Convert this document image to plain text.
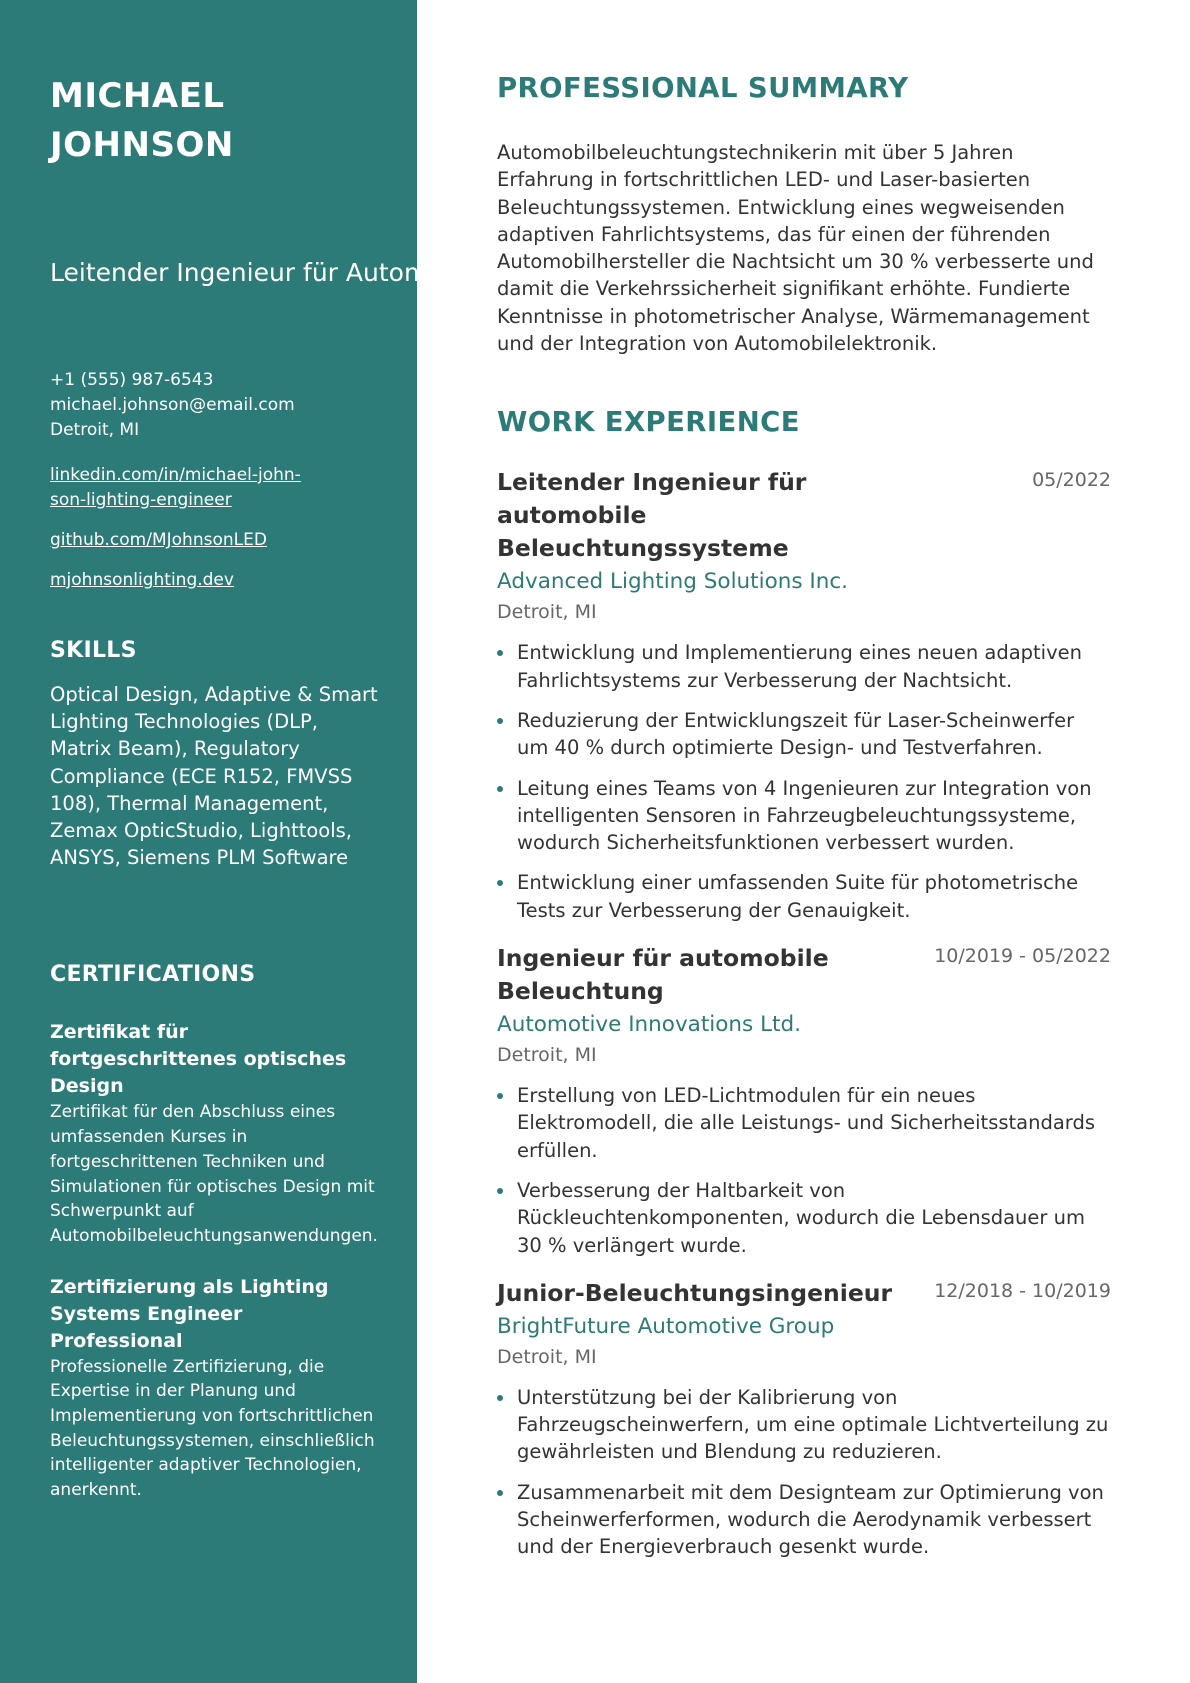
MICHAEL
JOHNSON
Leitender Ingenieur für Automobilbeleuchtungssystem
+1 (555) 987-6543
michael.johnson@email.com
Detroit, MI
linkedin.com/in/michael-john-son-lighting-engineer
github.com/MJohnsonLED
mjohnsonlighting.dev
SKILLS
Optical Design, Adaptive & Smart Lighting Technologies (DLP, Matrix Beam), Regulatory Compliance (ECE R152, FMVSS 108), Thermal Management, Zemax OpticStudio, Lighttools, ANSYS, Siemens PLM Software
CERTIFICATIONS
Zertifikat für fortgeschrittenes optisches Design
Zertifikat für den Abschluss eines umfassenden Kurses in fortgeschrittenen Techniken und Simulationen für optisches Design mit Schwerpunkt auf Automobilbeleuchtungsanwendungen.
Zertifizierung als Lighting Systems Engineer Professional
Professionelle Zertifizierung, die Expertise in der Planung und Implementierung von fortschrittlichen Beleuchtungssystemen, einschließlich intelligenter adaptiver Technologien, anerkennt.
PROFESSIONAL SUMMARY

Automobilbeleuchtungstechnikerin mit über 5 Jahren Erfahrung in fortschrittlichen LED- und Laser-basierten Beleuchtungssystemen. Entwicklung eines wegweisenden adaptiven Fahrlichtsystems, das für einen der führenden Automobilhersteller die Nachtsicht um 30 % verbesserte und damit die Verkehrssicherheit signifikant erhöhte. Fundierte Kenntnisse in photometrischer Analyse, Wärmemanagement und der Integration von Automobilelektronik.

WORK EXPERIENCE
Leitender Ingenieur für automobile Beleuchtungssysteme
05/2022
Advanced Lighting Solutions Inc.
Detroit, MI
Entwicklung und Implementierung eines neuen adaptiven Fahrlichtsystems zur Verbesserung der Nachtsicht.
Reduzierung der Entwicklungszeit für Laser-Scheinwerfer um 40 % durch optimierte Design- und Testverfahren.
Leitung eines Teams von 4 Ingenieuren zur Integration von intelligenten Sensoren in Fahrzeugbeleuchtungssysteme, wodurch Sicherheitsfunktionen verbessert wurden.
Entwicklung einer umfassenden Suite für photometrische Tests zur Verbesserung der Genauigkeit.
Ingenieur für automobile Beleuchtung
10/2019 - 05/2022
Automotive Innovations Ltd.
Detroit, MI
Erstellung von LED-Lichtmodulen für ein neues Elektromodell, die alle Leistungs- und Sicherheitsstandards erfüllen.
Verbesserung der Haltbarkeit von Rückleuchtenkomponenten, wodurch die Lebensdauer um 30 % verlängert wurde.
Junior-Beleuchtungsingenieur	12/2018 - 10/2019
BrightFuture Automotive Group
Detroit, MI
Unterstützung bei der Kalibrierung von Fahrzeugscheinwerfern, um eine optimale Lichtverteilung zu gewährleisten und Blendung zu reduzieren.
Zusammenarbeit mit dem Designteam zur Optimierung von Scheinwerferformen, wodurch die Aerodynamik verbessert und der Energieverbrauch gesenkt wurde.
